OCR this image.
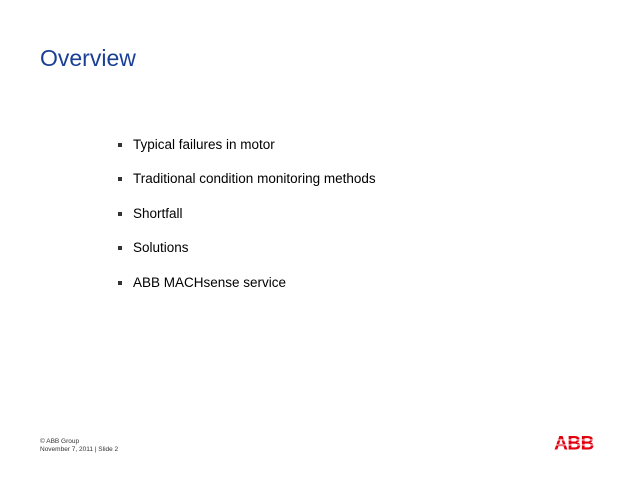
Overview
Typical failures in motor
Traditional condition monitoring methods
Shortfall
Solutions
ABB MACHsense service
© ABB Group
November 7, 2011 | Slide 2	ABB
